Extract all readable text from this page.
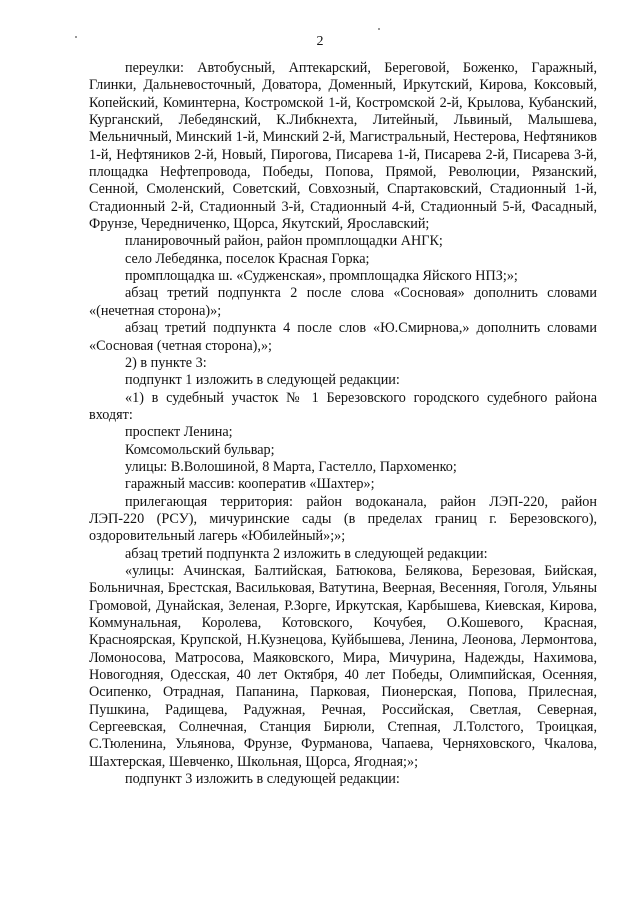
2

переулки: Автобусный, Аптекарский, Береговой, Боженко, Гаражный, Глинки, Дальневосточный, Доватора, Доменный, Иркутский, Кирова, Коксовый, Копейский, Коминтерна, Костромской 1-й, Костромской 2-й, Крылова, Кубанский, Курганский, Лебедянский, К.Либкнехта, Литейный, Львиный, Малышева, Мельничный, Минский 1-й, Минский 2-й, Магистральный, Нестерова, Нефтяников 1-й, Нефтяников 2-й, Новый, Пирогова, Писарева 1-й, Писарева 2-й, Писарева 3-й, площадка Нефтепровода, Победы, Попова, Прямой, Революции, Рязанский, Сенной, Смоленский, Советский, Совхозный, Спартаковский, Стадионный 1-й, Стадионный 2-й, Стадионный 3-й, Стадионный 4-й, Стадионный 5-й, Фасадный, Фрунзе, Чередниченко, Щорса, Якутский, Ярославский;

планировочный район, район промплощадки АНГК;

село Лебедянка, поселок Красная Горка;

промплощадка ш. «Судженская», промплощадка Яйского НПЗ;»;

абзац третий подпункта 2 после слова «Сосновая» дополнить словами «(нечетная сторона)»;

абзац третий подпункта 4 после слов «Ю.Смирнова,» дополнить словами «Сосновая (четная сторона),»;

2) в пункте 3:

подпункт 1 изложить в следующей редакции:

«1) в судебный участок № 1 Березовского городского судебного района входят:

проспект Ленина;

Комсомольский бульвар;

улицы: В.Волошиной, 8 Марта, Гастелло, Пархоменко;

гаражный массив: кооператив «Шахтер»;

прилегающая территория: район водоканала, район ЛЭП-220, район ЛЭП-220 (РСУ), мичуринские сады (в пределах границ г. Березовского), оздоровительный лагерь «Юбилейный»;»;

абзац третий подпункта 2 изложить в следующей редакции:

«улицы: Ачинская, Балтийская, Батюкова, Белякова, Березовая, Бийская, Больничная, Брестская, Васильковая, Ватутина, Веерная, Весенняя, Гоголя, Ульяны Громовой, Дунайская, Зеленая, Р.Зорге, Иркутская, Карбышева, Киевская, Кирова, Коммунальная, Королева, Котовского, Кочубея, О.Кошевого, Красная, Красноярская, Крупской, Н.Кузнецова, Куйбышева, Ленина, Леонова, Лермонтова, Ломоносова, Матросова, Маяковского, Мира, Мичурина, Надежды, Нахимова, Новогодняя, Одесская, 40 лет Октября, 40 лет Победы, Олимпийская, Осенняя, Осипенко, Отрадная, Папанина, Парковая, Пионерская, Попова, Прилесная, Пушкина, Радищева, Радужная, Речная, Российская, Светлая, Северная, Сергеевская, Солнечная, Станция Бирюли, Степная, Л.Толстого, Троицкая, С.Тюленина, Ульянова, Фрунзе, Фурманова, Чапаева, Черняховского, Чкалова, Шахтерская, Шевченко, Школьная, Щорса, Ягодная;»;

подпункт 3 изложить в следующей редакции:
